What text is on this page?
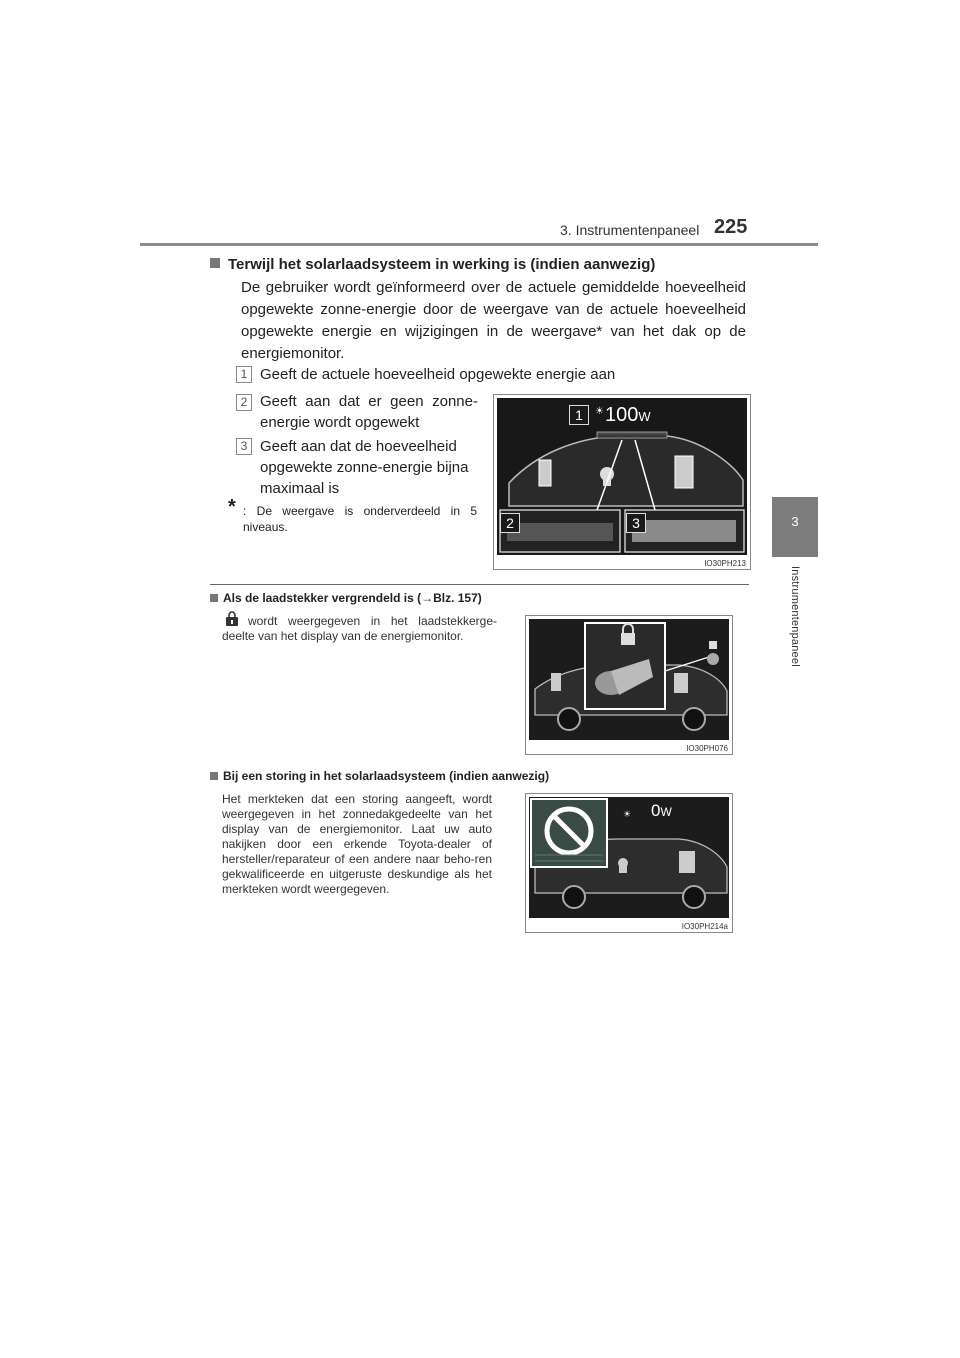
3. Instrumentenpaneel 225
3
Instrumentenpaneel
Terwijl het solarlaadsysteem in werking is (indien aanwezig)
De gebruiker wordt geïnformeerd over de actuele gemiddelde hoeveelheid opgewekte zonne-energie door de weergave van de actuele hoeveelheid opgewekte energie en wijzigingen in de weergave* van het dak op de energiemonitor.
1 Geeft de actuele hoeveelheid opgewekte energie aan
2 Geeft aan dat er geen zonne-energie wordt opgewekt
3 Geeft aan dat de hoeveelheid opgewekte zonne-energie bijna maximaal is
* : De weergave is onderverdeeld in 5 niveaus.
☀ 100W
1
2	3
IO30PH213
Als de laadstekker vergrendeld is (→Blz. 157)
wordt weergegeven in het laadstekkerge-deelte van het display van de energiemonitor.
IO30PH076
Bij een storing in het solarlaadsysteem (indien aanwezig)
Het merkteken dat een storing aangeeft, wordt weergegeven in het zonnedakgedeelte van het display van de energiemonitor. Laat uw auto nakijken door een erkende Toyota-dealer of hersteller/reparateur of een andere naar beho-ren gekwalificeerde en uitgeruste deskundige als het merkteken wordt weergegeven.
☀ 0W
IO30PH214a
